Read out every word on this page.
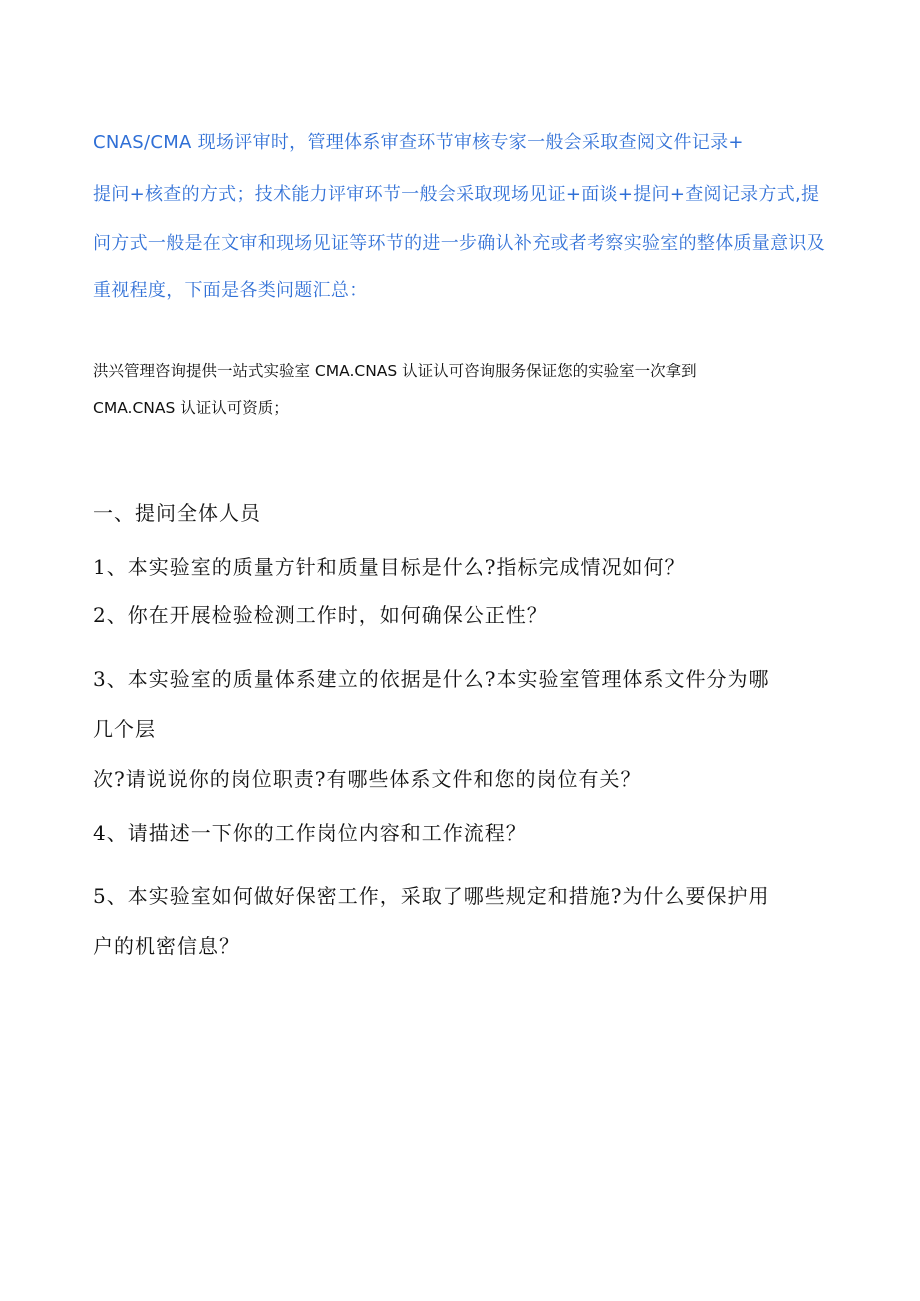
CNAS/CMA 现场评审时，管理体系审查环节审核专家一般会采取查阅文件记录+

提问+核查的方式；技术能力评审环节一般会采取现场见证+面谈+提问+查阅记录方式,提

问方式一般是在文审和现场见证等环节的进一步确认补充或者考察实验室的整体质量意识及

重视程度，下面是各类问题汇总：

洪兴管理咨询提供一站式实验室 CMA.CNAS 认证认可咨询服务保证您的实验室一次拿到

CMA.CNAS 认证认可资质；

一、提问全体人员

1、本实验室的质量方针和质量目标是什么?指标完成情况如何？

2、你在开展检验检测工作时，如何确保公正性？

3、本实验室的质量体系建立的依据是什么?本实验室管理体系文件分为哪

几个层

次?请说说你的岗位职责?有哪些体系文件和您的岗位有关？

4、请描述一下你的工作岗位内容和工作流程？

5、本实验室如何做好保密工作，采取了哪些规定和措施?为什么要保护用

户的机密信息？
